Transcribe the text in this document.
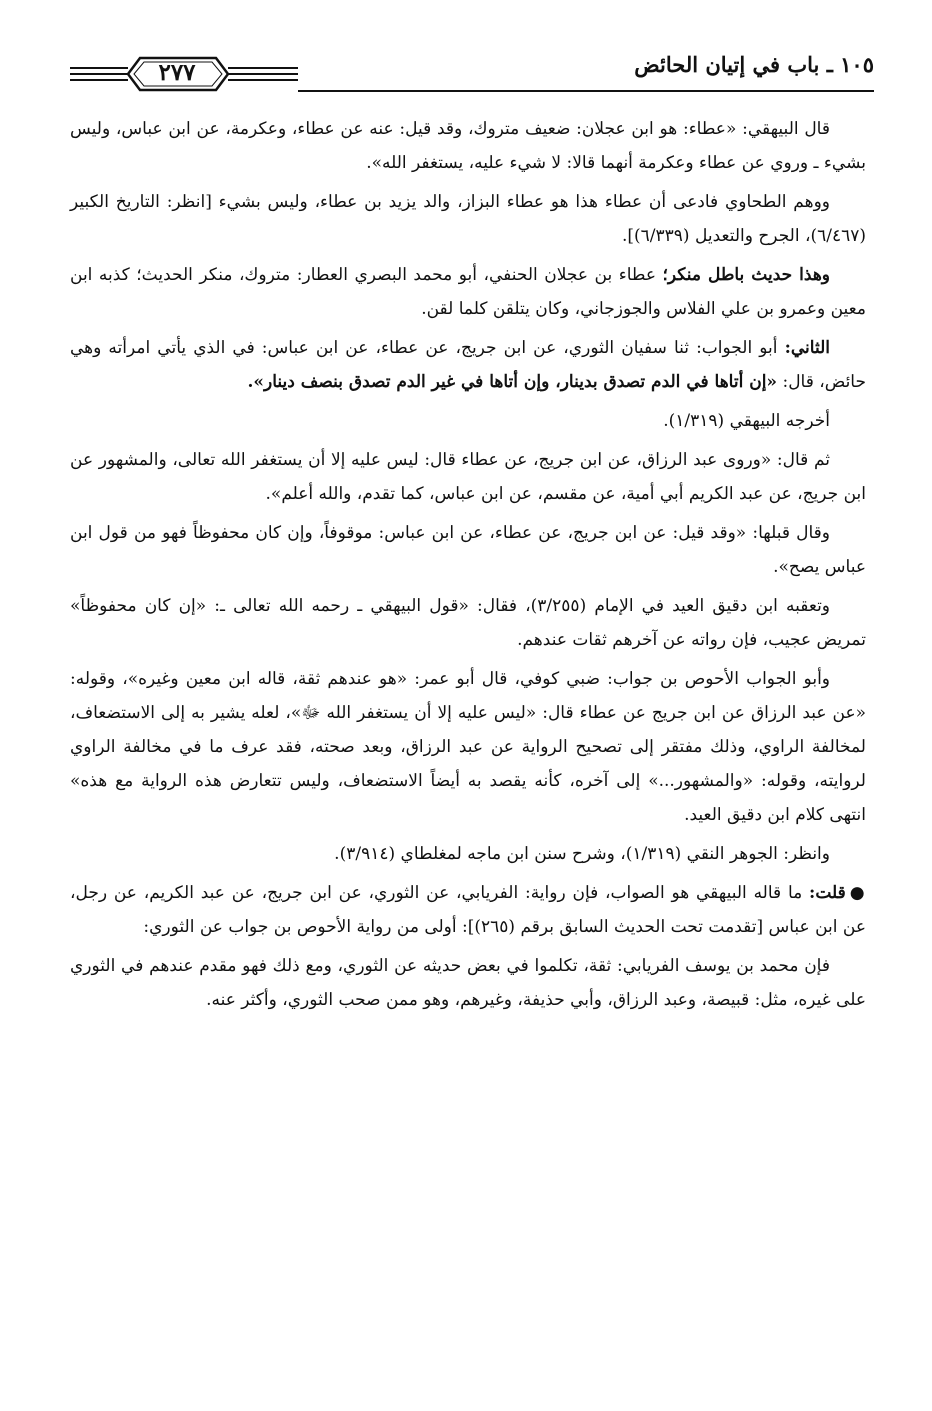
١٠٥ ـ باب في إتيان الحائض
٢٧٧

قال البيهقي: «عطاء: هو ابن عجلان: ضعيف متروك، وقد قيل: عنه عن عطاء، وعكرمة، عن ابن عباس، وليس بشيء ـ وروي عن عطاء وعكرمة أنهما قالا: لا شيء عليه، يستغفر الله».

ووهم الطحاوي فادعى أن عطاء هذا هو عطاء البزاز، والد يزيد بن عطاء، وليس بشيء [انظر: التاريخ الكبير (٦/٤٦٧)، الجرح والتعديل (٦/٣٣٩)].

وهذا حديث باطل منكر؛ عطاء بن عجلان الحنفي، أبو محمد البصري العطار: متروك، منكر الحديث؛ كذبه ابن معين وعمرو بن علي الفلاس والجوزجاني، وكان يتلقن كلما لقن.

الثاني: أبو الجواب: ثنا سفيان الثوري، عن ابن جريج، عن عطاء، عن ابن عباس: في الذي يأتي امرأته وهي حائض، قال: «إن أتاها في الدم تصدق بدينار، وإن أتاها في غير الدم تصدق بنصف دينار».

أخرجه البيهقي (١/٣١٩).

ثم قال: «وروى عبد الرزاق، عن ابن جريج، عن عطاء قال: ليس عليه إلا أن يستغفر الله تعالى، والمشهور عن ابن جريج، عن عبد الكريم أبي أمية، عن مقسم، عن ابن عباس، كما تقدم، والله أعلم».

وقال قبلها: «وقد قيل: عن ابن جريج، عن عطاء، عن ابن عباس: موقوفاً، وإن كان محفوظاً فهو من قول ابن عباس يصح».

وتعقبه ابن دقيق العيد في الإمام (٣/٢٥٥)، فقال: «قول البيهقي ـ رحمه الله تعالى ـ: «إن كان محفوظاً» تمريض عجيب، فإن رواته عن آخرهم ثقات عندهم.

وأبو الجواب الأحوص بن جواب: ضبي كوفي، قال أبو عمر: «هو عندهم ثقة، قاله ابن معين وغيره»، وقوله: «عن عبد الرزاق عن ابن جريج عن عطاء قال: «ليس عليه إلا أن يستغفر الله ﷻ»، لعله يشير به إلى الاستضعاف، لمخالفة الراوي، وذلك مفتقر إلى تصحيح الرواية عن عبد الرزاق، وبعد صحته، فقد عرف ما في مخالفة الراوي لروايته، وقوله: «والمشهور...» إلى آخره، كأنه يقصد به أيضاً الاستضعاف، وليس تتعارض هذه الرواية مع هذه» انتهى كلام ابن دقيق العيد.

وانظر: الجوهر النقي (١/٣١٩)، وشرح سنن ابن ماجه لمغلطاي (٣/٩١٤).

●قلت: ما قاله البيهقي هو الصواب، فإن رواية: الفريابي، عن الثوري، عن ابن جريج، عن عبد الكريم، عن رجل، عن ابن عباس [تقدمت تحت الحديث السابق برقم (٢٦٥)]: أولى من رواية الأحوص بن جواب عن الثوري:

فإن محمد بن يوسف الفريابي: ثقة، تكلموا في بعض حديثه عن الثوري، ومع ذلك فهو مقدم عندهم في الثوري على غيره، مثل: قبيصة، وعبد الرزاق، وأبي حذيفة، وغيرهم، وهو ممن صحب الثوري، وأكثر عنه.
